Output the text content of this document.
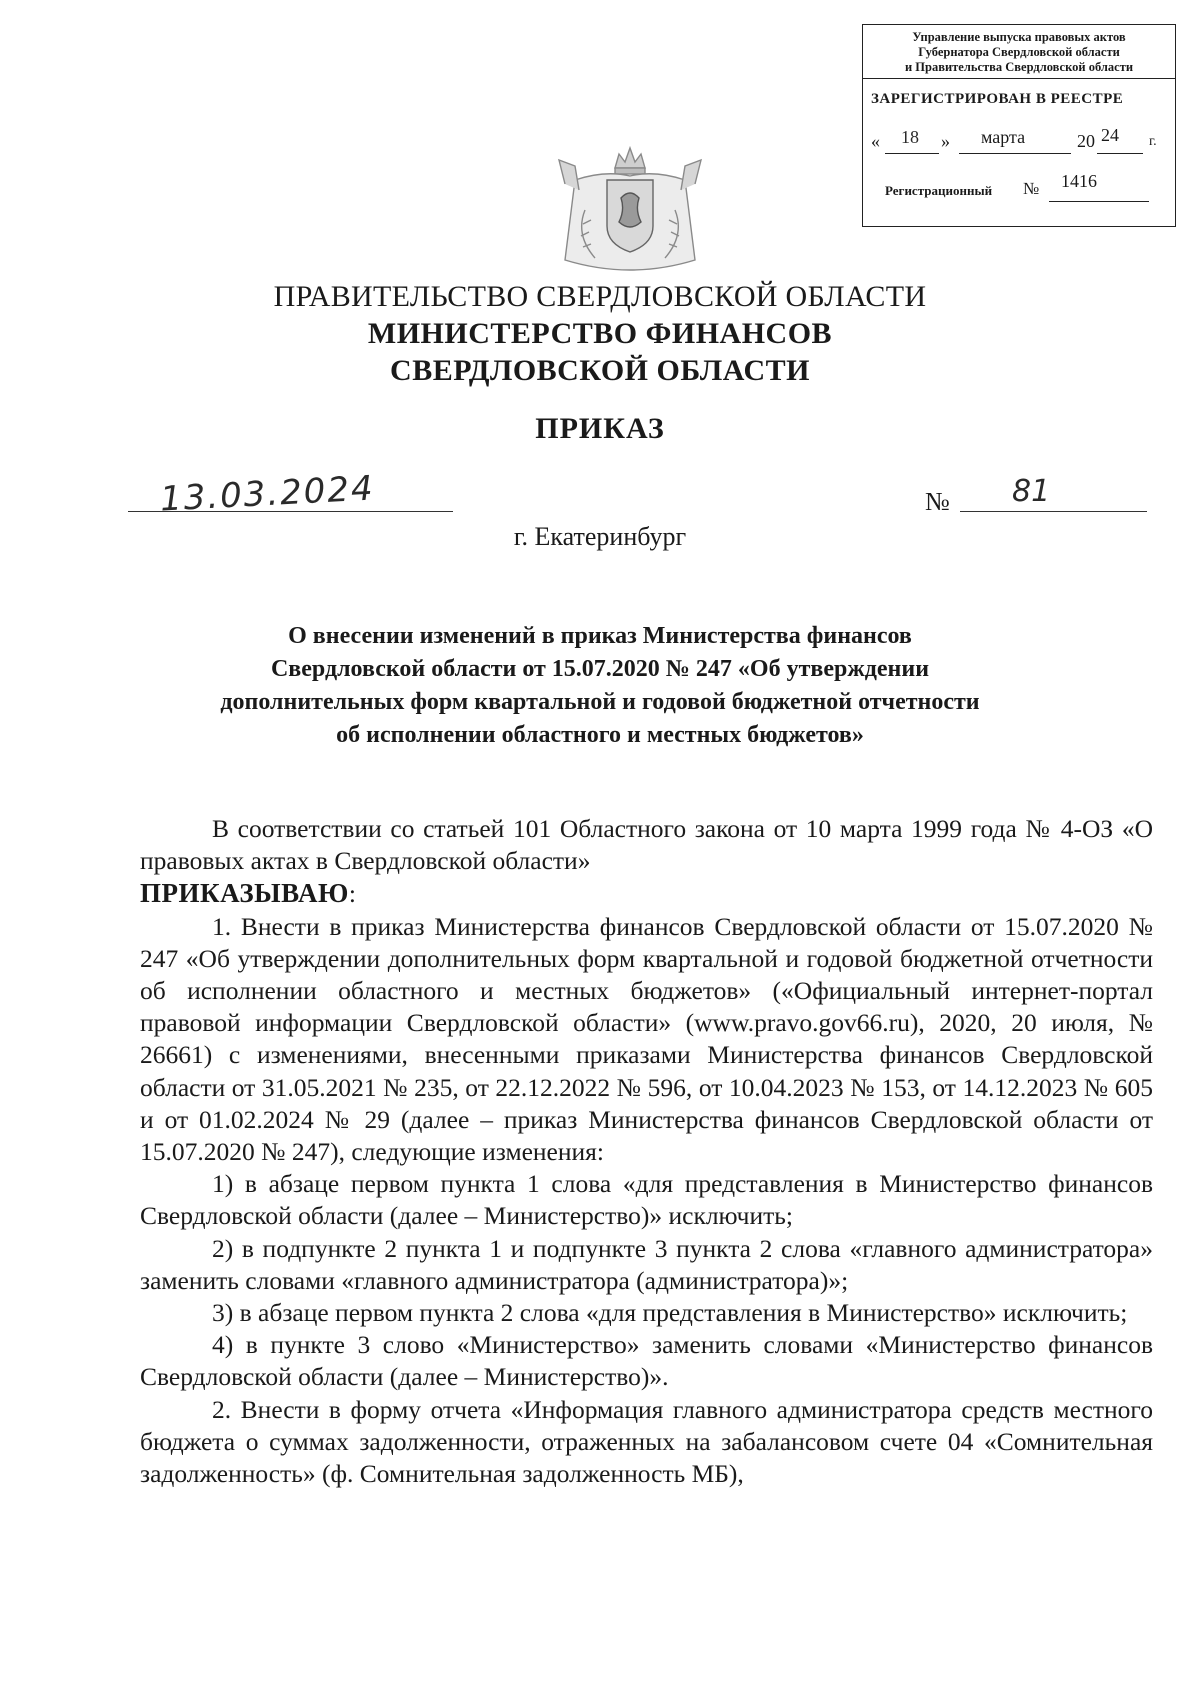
Управление выпуска правовых актов
Губернатора Свердловской области
и Правительства Свердловской области
ЗАРЕГИСТРИРОВАН В РЕЕСТРЕ
« 18 » марта	20 24 г.
Регистрационный № 1416
ПРАВИТЕЛЬСТВО СВЕРДЛОВСКОЙ ОБЛАСТИ
МИНИСТЕРСТВО ФИНАНСОВ
СВЕРДЛОВСКОЙ ОБЛАСТИ
ПРИКАЗ
13.03.2024	№ 81
г. Екатеринбург
О внесении изменений в приказ Министерства финансов
Свердловской области от 15.07.2020 № 247 «Об утверждении
дополнительных форм квартальной и годовой бюджетной отчетности
об исполнении областного и местных бюджетов»

В соответствии со статьей 101 Областного закона от 10 марта 1999 года № 4-ОЗ «О правовых актах в Свердловской области»

ПРИКАЗЫВАЮ:

1. Внести в приказ Министерства финансов Свердловской области от 15.07.2020 № 247 «Об утверждении дополнительных форм квартальной и годовой бюджетной отчетности об исполнении областного и местных бюджетов» («Официальный интернет-портал правовой информации Свердловской области» (www.pravo.gov66.ru), 2020, 20 июля, № 26661) с изменениями, внесенными приказами Министерства финансов Свердловской области от 31.05.2021 № 235, от 22.12.2022 № 596, от 10.04.2023 № 153, от 14.12.2023 № 605 и от 01.02.2024 № 29 (далее – приказ Министерства финансов Свердловской области от 15.07.2020 № 247), следующие изменения:

1) в абзаце первом пункта 1 слова «для представления в Министерство финансов Свердловской области (далее – Министерство)» исключить;

2) в подпункте 2 пункта 1 и подпункте 3 пункта 2 слова «главного администратора» заменить словами «главного администратора (администратора)»;

3) в абзаце первом пункта 2 слова «для представления в Министерство» исключить;

4) в пункте 3 слово «Министерство» заменить словами «Министерство финансов Свердловской области (далее – Министерство)».

2. Внести в форму отчета «Информация главного администратора средств местного бюджета о суммах задолженности, отраженных на забалансовом счете 04 «Сомнительная задолженность» (ф. Сомнительная задолженность МБ),
